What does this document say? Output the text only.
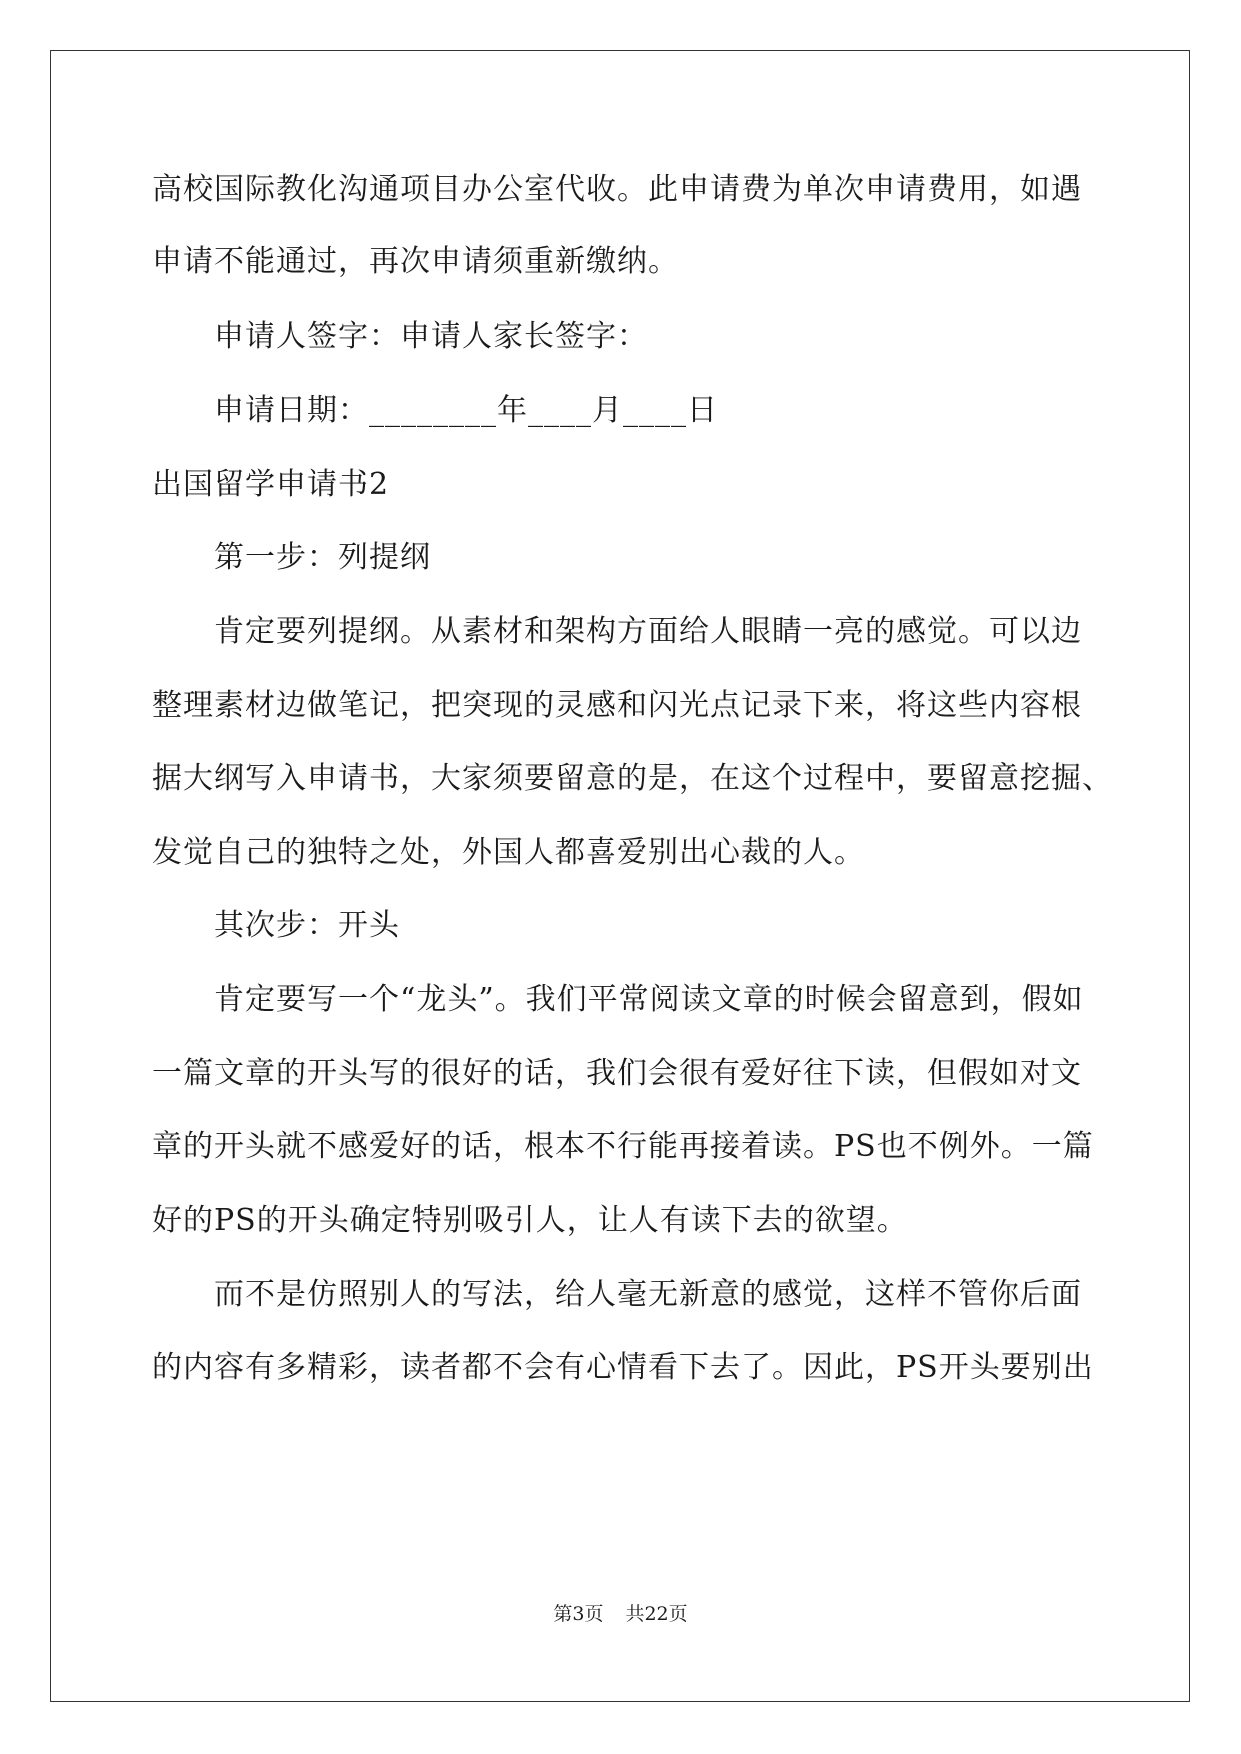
高校国际教化沟通项目办公室代收。此申请费为单次申请费用，如遇
申请不能通过，再次申请须重新缴纳。
申请人签字：申请人家长签字：
申请日期：________年____月____日
出国留学申请书2
第一步：列提纲
肯定要列提纲。从素材和架构方面给人眼睛一亮的感觉。可以边
整理素材边做笔记，把突现的灵感和闪光点记录下来，将这些内容根
据大纲写入申请书，大家须要留意的是，在这个过程中，要留意挖掘、
发觉自己的独特之处，外国人都喜爱别出心裁的人。
其次步：开头
肯定要写一个“龙头”。我们平常阅读文章的时候会留意到，假如
一篇文章的开头写的很好的话，我们会很有爱好往下读，但假如对文
章的开头就不感爱好的话，根本不行能再接着读。PS也不例外。一篇
好的PS的开头确定特别吸引人，让人有读下去的欲望。
而不是仿照别人的写法，给人毫无新意的感觉，这样不管你后面
的内容有多精彩，读者都不会有心情看下去了。因此，PS开头要别出
第3页 共22页
